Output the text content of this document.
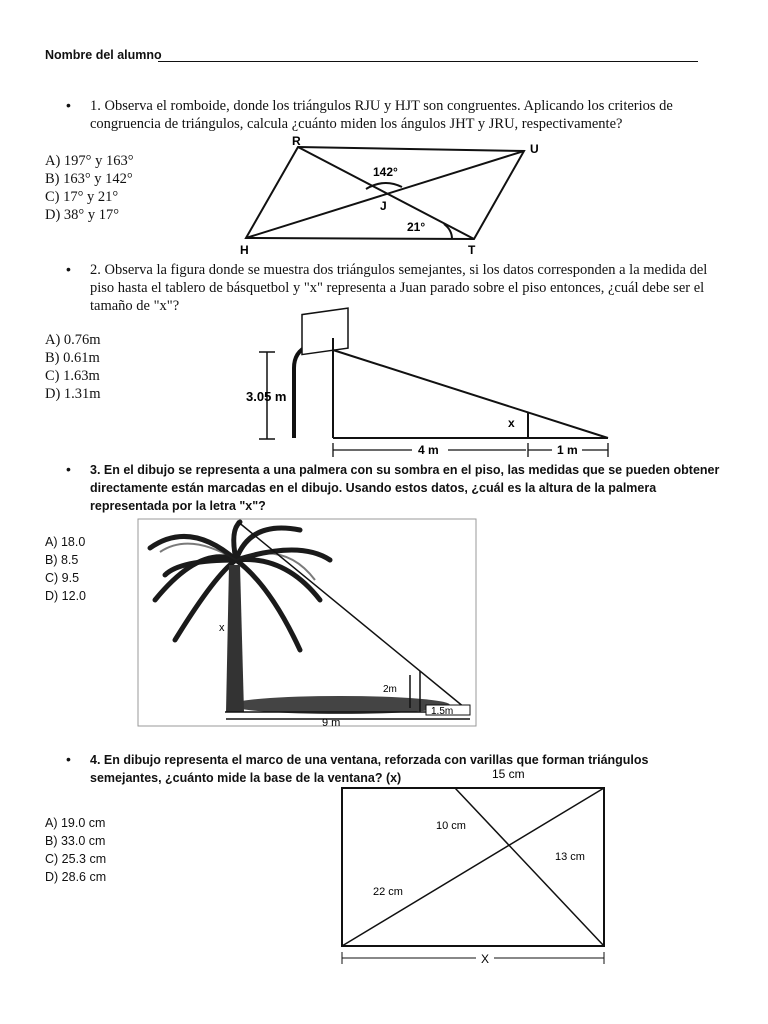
Nombre del alumno
• 1. Observa el romboide, donde los triángulos RJU y HJT son congruentes. Aplicando los criterios de congruencia de triángulos, calcula ¿cuánto miden los ángulos JHT y JRU, respectivamente?

A) 197° y 163°
B) 163° y 142°
C) 17° y 21°
D) 38° y 17°
R
U
H	T
J
142°
21°
• 2. Observa la figura donde se muestra dos triángulos semejantes, si los datos corresponden a la medida del piso hasta el tablero de básquetbol y "x" representa a Juan parado sobre el piso entonces, ¿cuál debe ser el tamaño de "x"?

A) 0.76m
B) 0.61m
C) 1.63m
D) 1.31m	3.05 m
4 m	1 m
x
• 3. En el dibujo se representa a una palmera con su sombra en el piso, las medidas que se pueden obtener directamente están marcadas en el dibujo. Usando estos datos, ¿cuál es la altura de la palmera representada por la letra "x"?

A) 18.0
B) 8.5
C) 9.5
D) 12.0
x
2m
1.5m
9 m
• 4. En dibujo representa el marco de una ventana, reforzada con varillas que forman triángulos semejantes, ¿cuánto mide la base de la ventana? (x)

A) 19.0 cm
B) 33.0 cm
C) 25.3 cm
D) 28.6 cm
15 cm
10 cm
13 cm
22 cm
X
